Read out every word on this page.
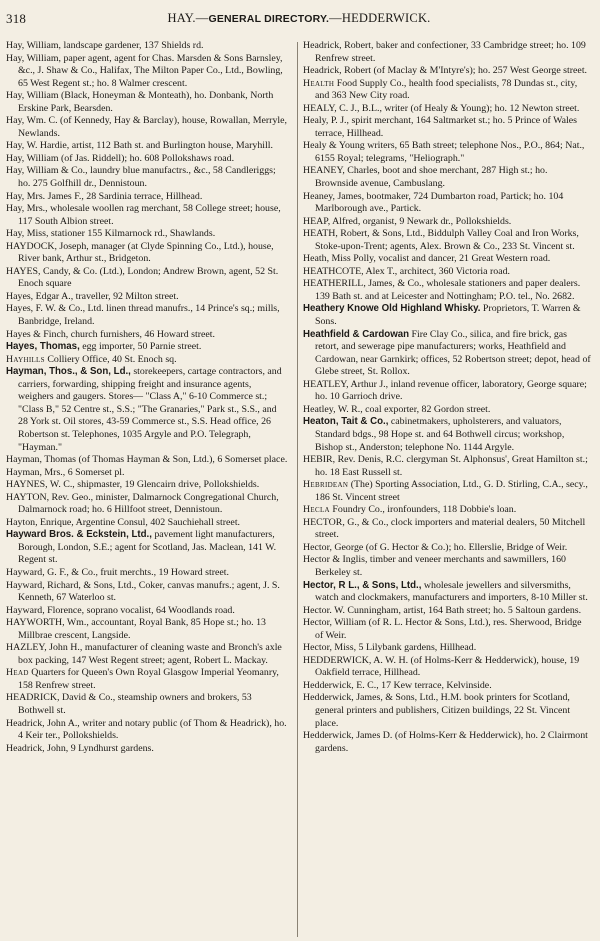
318	HAY.—GENERAL DIRECTORY.—HEDDERWICK.

Hay, William, landscape gardener, 137 Shields rd.

Hay, William, paper agent, agent for Chas. Marsden & Sons Barnsley, &c., J. Shaw & Co., Halifax, The Milton Paper Co., Ltd., Bowling, 65 West Regent st.; ho. 8 Walmer crescent.

Hay, William (Black, Honeyman & Monteath), ho. Donbank, North Erskine Park, Bearsden.

Hay, Wm. C. (of Kennedy, Hay & Barclay), house, Rowallan, Merryle, Newlands.

Hay, W. Hardie, artist, 112 Bath st. and Burlington house, Maryhill.

Hay, William (of Jas. Riddell); ho. 608 Pollokshaws road.

Hay, William & Co., laundry blue manufactrs., &c., 58 Candleriggs; ho. 275 Golfhill dr., Dennistoun.

Hay, Mrs. James F., 28 Sardinia terrace, Hillhead.

Hay, Mrs., wholesale woollen rag merchant, 58 College street; house, 117 South Albion street.

Hay, Miss, stationer 155 Kilmarnock rd., Shawlands.

HAYDOCK, Joseph, manager (at Clyde Spinning Co., Ltd.), house, River bank, Arthur st., Bridgeton.

HAYES, Candy, & Co. (Ltd.), London; Andrew Brown, agent, 52 St. Enoch square

Hayes, Edgar A., traveller, 92 Milton street.

Hayes, F. W. & Co., Ltd. linen thread manufrs., 14 Prince's sq.; mills, Banbridge, Ireland.

Hayes & Finch, church furnishers, 46 Howard street.

Hayes, Thomas, egg importer, 50 Parnie street.

Hayhills Colliery Office, 40 St. Enoch sq.

Hayman, Thos., & Son, Ld., storekeepers, cartage contractors, and carriers, forwarding, shipping freight and insurance agents, weighers and gaugers. Stores— "Class A," 6-10 Commerce st.; "Class B," 52 Centre st., S.S.; "The Granaries," Park st., S.S., and 28 York st. Oil stores, 43-59 Commerce st., S.S. Head office, 26 Robertson st. Telephones, 1035 Argyle and P.O. Telegraph, "Hayman."

Hayman, Thomas (of Thomas Hayman & Son, Ltd.), 6 Somerset place.

Hayman, Mrs., 6 Somerset pl.

HAYNES, W. C., shipmaster, 19 Glencairn drive, Pollokshields.

HAYTON, Rev. Geo., minister, Dalmarnock Congregational Church, Dalmarnock road; ho. 6 Hillfoot street, Dennistoun.

Hayton, Enrique, Argentine Consul, 402 Sauchiehall street.

Hayward Bros. & Eckstein, Ltd., pavement light manufacturers, Borough, London, S.E.; agent for Scotland, Jas. Maclean, 141 W. Regent st.

Hayward, G. F., & Co., fruit merchts., 19 Howard street.

Hayward, Richard, & Sons, Ltd., Coker, canvas manufrs.; agent, J. S. Kenneth, 67 Waterloo st.

Hayward, Florence, soprano vocalist, 64 Woodlands road.

HAYWORTH, Wm., accountant, Royal Bank, 85 Hope st.; ho. 13 Millbrae crescent, Langside.

HAZLEY, John H., manufacturer of cleaning waste and Bronch's axle box packing, 147 West Regent street; agent, Robert L. Mackay.

Head Quarters for Queen's Own Royal Glasgow Imperial Yeomanry, 158 Renfrew street.

HEADRICK, David & Co., steamship owners and brokers, 53 Bothwell st.

Headrick, John A., writer and notary public (of Thom & Headrick), ho. 4 Keir ter., Pollokshields.

Headrick, John, 9 Lyndhurst gardens.

Headrick, Robert, baker and confectioner, 33 Cambridge street; ho. 109 Renfrew street.

Headrick, Robert (of Maclay & M'Intyre's); ho. 257 West George street.

Health Food Supply Co., health food specialists, 78 Dundas st., city, and 363 New City road.

HEALY, C. J., B.L., writer (of Healy & Young); ho. 12 Newton street.

Healy, P. J., spirit merchant, 164 Saltmarket st.; ho. 5 Prince of Wales terrace, Hillhead.

Healy & Young writers, 65 Bath street; telephone Nos., P.O., 864; Nat., 6155 Royal; telegrams, "Heliograph."

HEANEY, Charles, boot and shoe merchant, 287 High st.; ho. Brownside avenue, Cambuslang.

Heaney, James, bootmaker, 724 Dumbarton road, Partick; ho. 104 Marlborough ave., Partick.

HEAP, Alfred, organist, 9 Newark dr., Pollokshields.

HEATH, Robert, & Sons, Ltd., Biddulph Valley Coal and Iron Works, Stoke-upon-Trent; agents, Alex. Brown & Co., 233 St. Vincent st.

Heath, Miss Polly, vocalist and dancer, 21 Great Western road.

HEATHCOTE, Alex T., architect, 360 Victoria road.

HEATHERILL, James, & Co., wholesale stationers and paper dealers. 139 Bath st. and at Leicester and Nottingham; P.O. tel., No. 2682.

Heathery Knowe Old Highland Whisky. Proprietors, T. Warren & Sons.

Heathfield & Cardowan Fire Clay Co., silica, and fire brick, gas retort, and sewerage pipe manufacturers; works, Heathfield and Cardowan, near Garnkirk; offices, 52 Robertson street; depot, head of Glebe street, St. Rollox.

HEATLEY, Arthur J., inland revenue officer, laboratory, George square; ho. 10 Garrioch drive.

Heatley, W. R., coal exporter, 82 Gordon street.

Heaton, Tait & Co., cabinetmakers, upholsterers, and valuators, Standard bdgs., 98 Hope st. and 64 Bothwell circus; workshop, Bishop st., Anderston; telephone No. 1144 Argyle.

HEBIR, Rev. Denis, R.C. clergyman St. Alphonsus', Great Hamilton st.; ho. 18 East Russell st.

Hebridean (The) Sporting Association, Ltd., G. D. Stirling, C.A., secy., 186 St. Vincent street

Hecla Foundry Co., ironfounders, 118 Dobbie's loan.

HECTOR, G., & Co., clock importers and material dealers, 50 Mitchell street.

Hector, George (of G. Hector & Co.); ho. Ellerslie, Bridge of Weir.

Hector & Inglis, timber and veneer merchants and sawmillers, 160 Berkeley st.

Hector, R L., & Sons, Ltd., wholesale jewellers and silversmiths, watch and clockmakers, manufacturers and importers, 8-10 Miller st.

Hector. W. Cunningham, artist, 164 Bath street; ho. 5 Saltoun gardens.

Hector, William (of R. L. Hector & Sons, Ltd.), res. Sherwood, Bridge of Weir.

Hector, Miss, 5 Lilybank gardens, Hillhead.

HEDDERWICK, A. W. H. (of Holms-Kerr & Hedderwick), house, 19 Oakfield terrace, Hillhead.

Hedderwick, E. C., 17 Kew terrace, Kelvinside.

Hedderwick, James, & Sons, Ltd., H.M. book printers for Scotland, general printers and publishers, Citizen buildings, 22 St. Vincent place.

Hedderwick, James D. (of Holms-Kerr & Hedderwick), ho. 2 Clairmont gardens.
